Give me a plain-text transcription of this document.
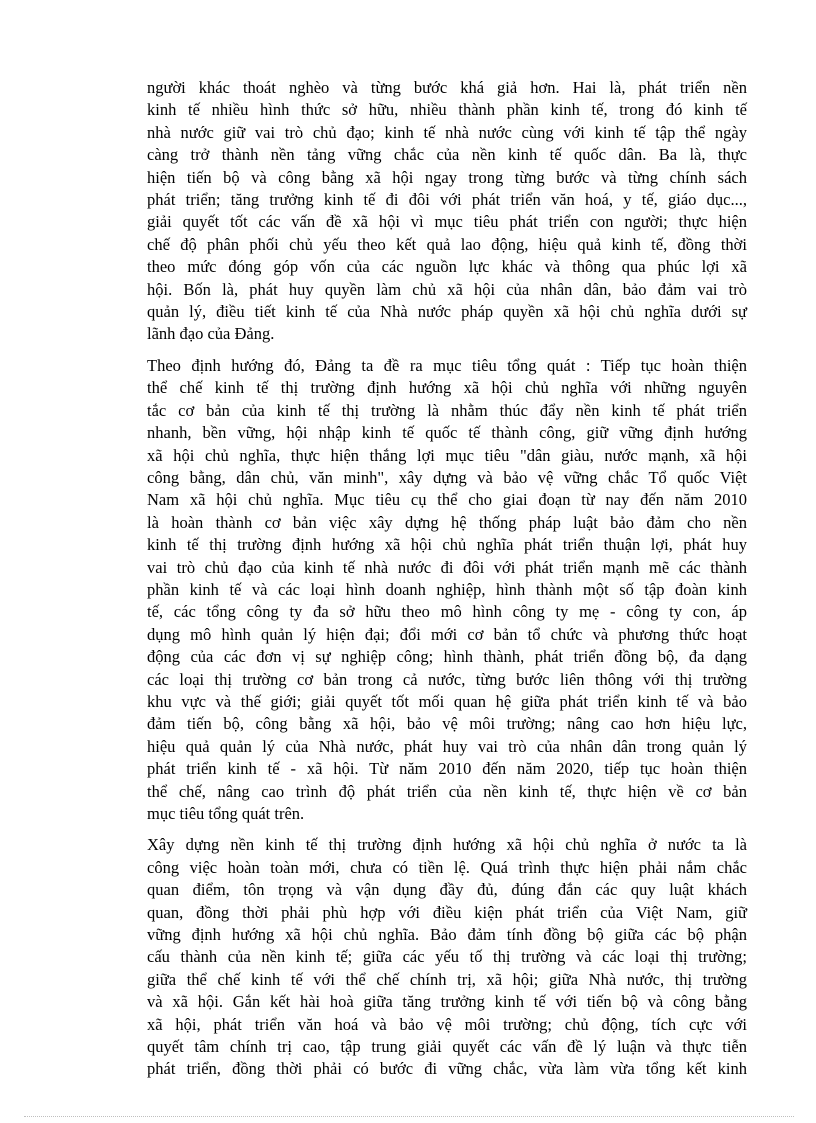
người khác thoát nghèo và từng bước khá giả hơn. Hai là, phát triển nền
kinh tế nhiều hình thức sở hữu, nhiều thành phần kinh tế, trong đó kinh tế
nhà nước giữ vai trò chủ đạo; kinh tế nhà nước cùng với kinh tế tập thể ngày
càng trở thành nền tảng vững chắc của nền kinh tế quốc dân. Ba là, thực
hiện tiến bộ và công bằng xã hội ngay trong từng bước và từng chính sách
phát triển; tăng trưởng kinh tế đi đôi với phát triển văn hoá, y tế, giáo dục...,
giải quyết tốt các vấn đề xã hội vì mục tiêu phát triển con người; thực hiện
chế độ phân phối chủ yếu theo kết quả lao động, hiệu quả kinh tế, đồng thời
theo mức đóng góp vốn của các nguồn lực khác và thông qua phúc lợi xã
hội. Bốn là, phát huy quyền làm chủ xã hội của nhân dân, bảo đảm vai trò
quản lý, điều tiết kinh tế của Nhà nước pháp quyền xã hội chủ nghĩa dưới sự
lãnh đạo của Đảng.
Theo định hướng đó, Đảng ta đề ra mục tiêu tổng quát : Tiếp tục hoàn thiện
thể chế kinh tế thị trường định hướng xã hội chủ nghĩa với những nguyên
tắc cơ bản của kinh tế thị trường là nhằm thúc đẩy nền kinh tế phát triển
nhanh, bền vững, hội nhập kinh tế quốc tế thành công, giữ vững định hướng
xã hội chủ nghĩa, thực hiện thắng lợi mục tiêu "dân giàu, nước mạnh, xã hội
công bằng, dân chủ, văn minh", xây dựng và bảo vệ vững chắc Tổ quốc Việt
Nam xã hội chủ nghĩa. Mục tiêu cụ thể cho giai đoạn từ nay đến năm 2010
là hoàn thành cơ bản việc xây dựng hệ thống pháp luật bảo đảm cho nền
kinh tế thị trường định hướng xã hội chủ nghĩa phát triển thuận lợi, phát huy
vai trò chủ đạo của kinh tế nhà nước đi đôi với phát triển mạnh mẽ các thành
phần kinh tế và các loại hình doanh nghiệp, hình thành một số tập đoàn kinh
tế, các tổng công ty đa sở hữu theo mô hình công ty mẹ - công ty con, áp
dụng mô hình quản lý hiện đại; đổi mới cơ bản tổ chức và phương thức hoạt
động của các đơn vị sự nghiệp công; hình thành, phát triển đồng bộ, đa dạng
các loại thị trường cơ bản trong cả nước, từng bước liên thông với thị trường
khu vực và thế giới; giải quyết tốt mối quan hệ giữa phát triển kinh tế và bảo
đảm tiến bộ, công bằng xã hội, bảo vệ môi trường; nâng cao hơn hiệu lực,
hiệu quả quản lý của Nhà nước, phát huy vai trò của nhân dân trong quản lý
phát triển kinh tế - xã hội. Từ năm 2010 đến năm 2020, tiếp tục hoàn thiện
thể chế, nâng cao trình độ phát triển của nền kinh tế, thực hiện về cơ bản
mục tiêu tổng quát trên.
Xây dựng nền kinh tế thị trường định hướng xã hội chủ nghĩa ở nước ta là
công việc hoàn toàn mới, chưa có tiền lệ. Quá trình thực hiện phải nắm chắc
quan điểm, tôn trọng và vận dụng đầy đủ, đúng đắn các quy luật khách
quan, đồng thời phải phù hợp với điều kiện phát triển của Việt Nam, giữ
vững định hướng xã hội chủ nghĩa. Bảo đảm tính đồng bộ giữa các bộ phận
cấu thành của nền kinh tế; giữa các yếu tố thị trường và các loại thị trường;
giữa thể chế kinh tế với thể chế chính trị, xã hội; giữa Nhà nước, thị trường
và xã hội. Gắn kết hài hoà giữa tăng trưởng kinh tế với tiến bộ và công bằng
xã hội, phát triển văn hoá và bảo vệ môi trường; chủ động, tích cực với
quyết tâm chính trị cao, tập trung giải quyết các vấn đề lý luận và thực tiễn
phát triển, đồng thời phải có bước đi vững chắc, vừa làm vừa tổng kết kinh
